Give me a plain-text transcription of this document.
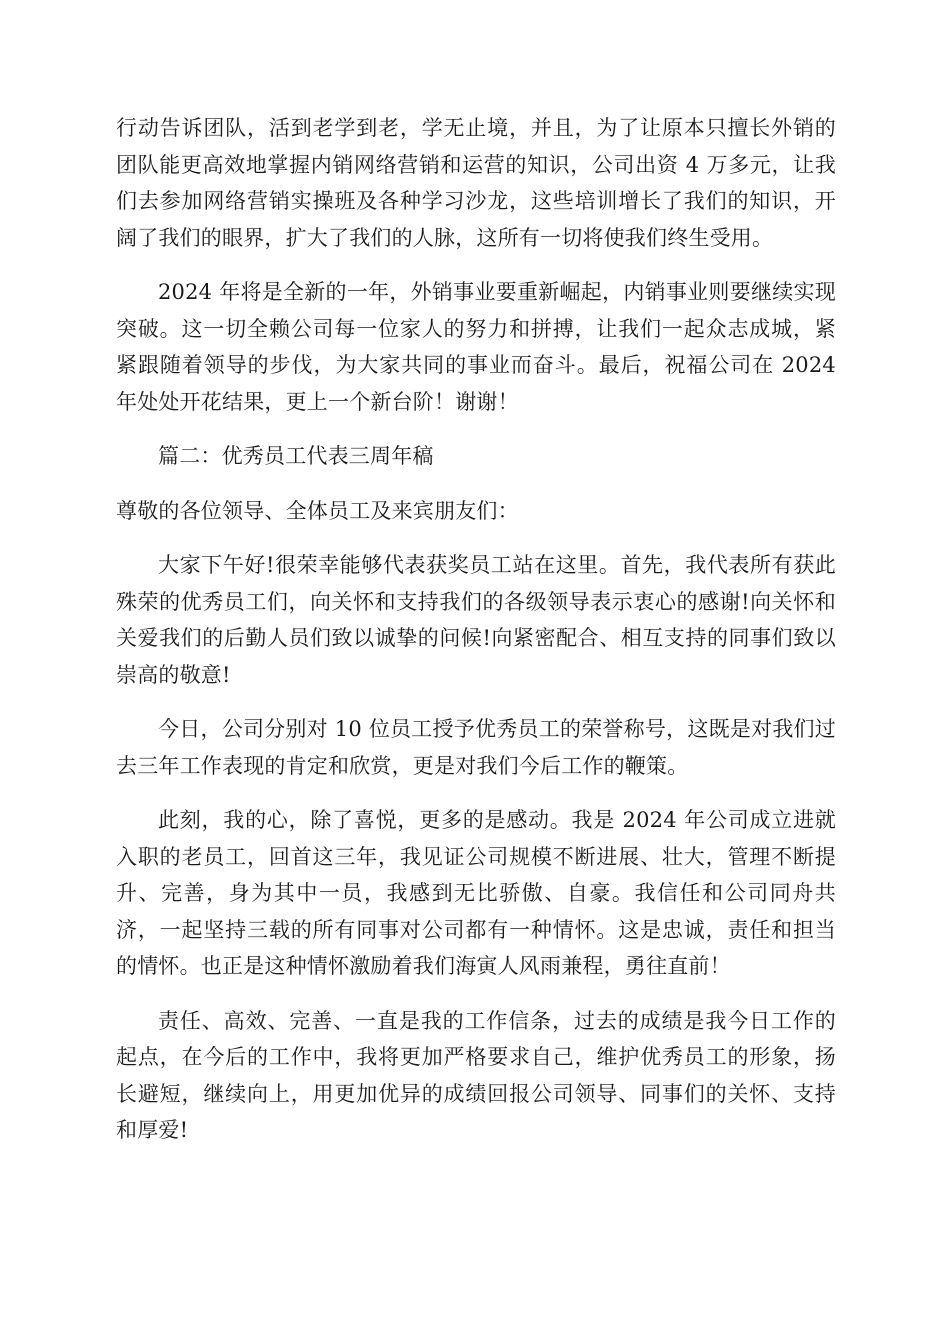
行动告诉团队，活到老学到老，学无止境，并且，为了让原本只擅长外销的团队能更高效地掌握内销网络营销和运营的知识，公司出资 4 万多元，让我们去参加网络营销实操班及各种学习沙龙，这些培训增长了我们的知识，开阔了我们的眼界，扩大了我们的人脉，这所有一切将使我们终生受用。

2024 年将是全新的一年，外销事业要重新崛起，内销事业则要继续实现突破。这一切全赖公司每一位家人的努力和拼搏，让我们一起众志成城，紧紧跟随着领导的步伐，为大家共同的事业而奋斗。最后，祝福公司在 2024 年处处开花结果，更上一个新台阶！谢谢！

篇二：优秀员工代表三周年稿

尊敬的各位领导、全体员工及来宾朋友们：

大家下午好!很荣幸能够代表获奖员工站在这里。首先，我代表所有获此殊荣的优秀员工们，向关怀和支持我们的各级领导表示衷心的感谢!向关怀和关爱我们的后勤人员们致以诚挚的问候!向紧密配合、相互支持的同事们致以崇高的敬意!

今日，公司分别对 10 位员工授予优秀员工的荣誉称号，这既是对我们过去三年工作表现的肯定和欣赏，更是对我们今后工作的鞭策。

此刻，我的心，除了喜悦，更多的是感动。我是 2024 年公司成立进就入职的老员工，回首这三年，我见证公司规模不断进展、壮大，管理不断提升、完善，身为其中一员，我感到无比骄傲、自豪。我信任和公司同舟共济，一起坚持三载的所有同事对公司都有一种情怀。这是忠诚，责任和担当的情怀。也正是这种情怀激励着我们海寅人风雨兼程，勇往直前！

责任、高效、完善、一直是我的工作信条，过去的成绩是我今日工作的起点，在今后的工作中，我将更加严格要求自己，维护优秀员工的形象，扬长避短，继续向上，用更加优异的成绩回报公司领导、同事们的关怀、支持和厚爱!
